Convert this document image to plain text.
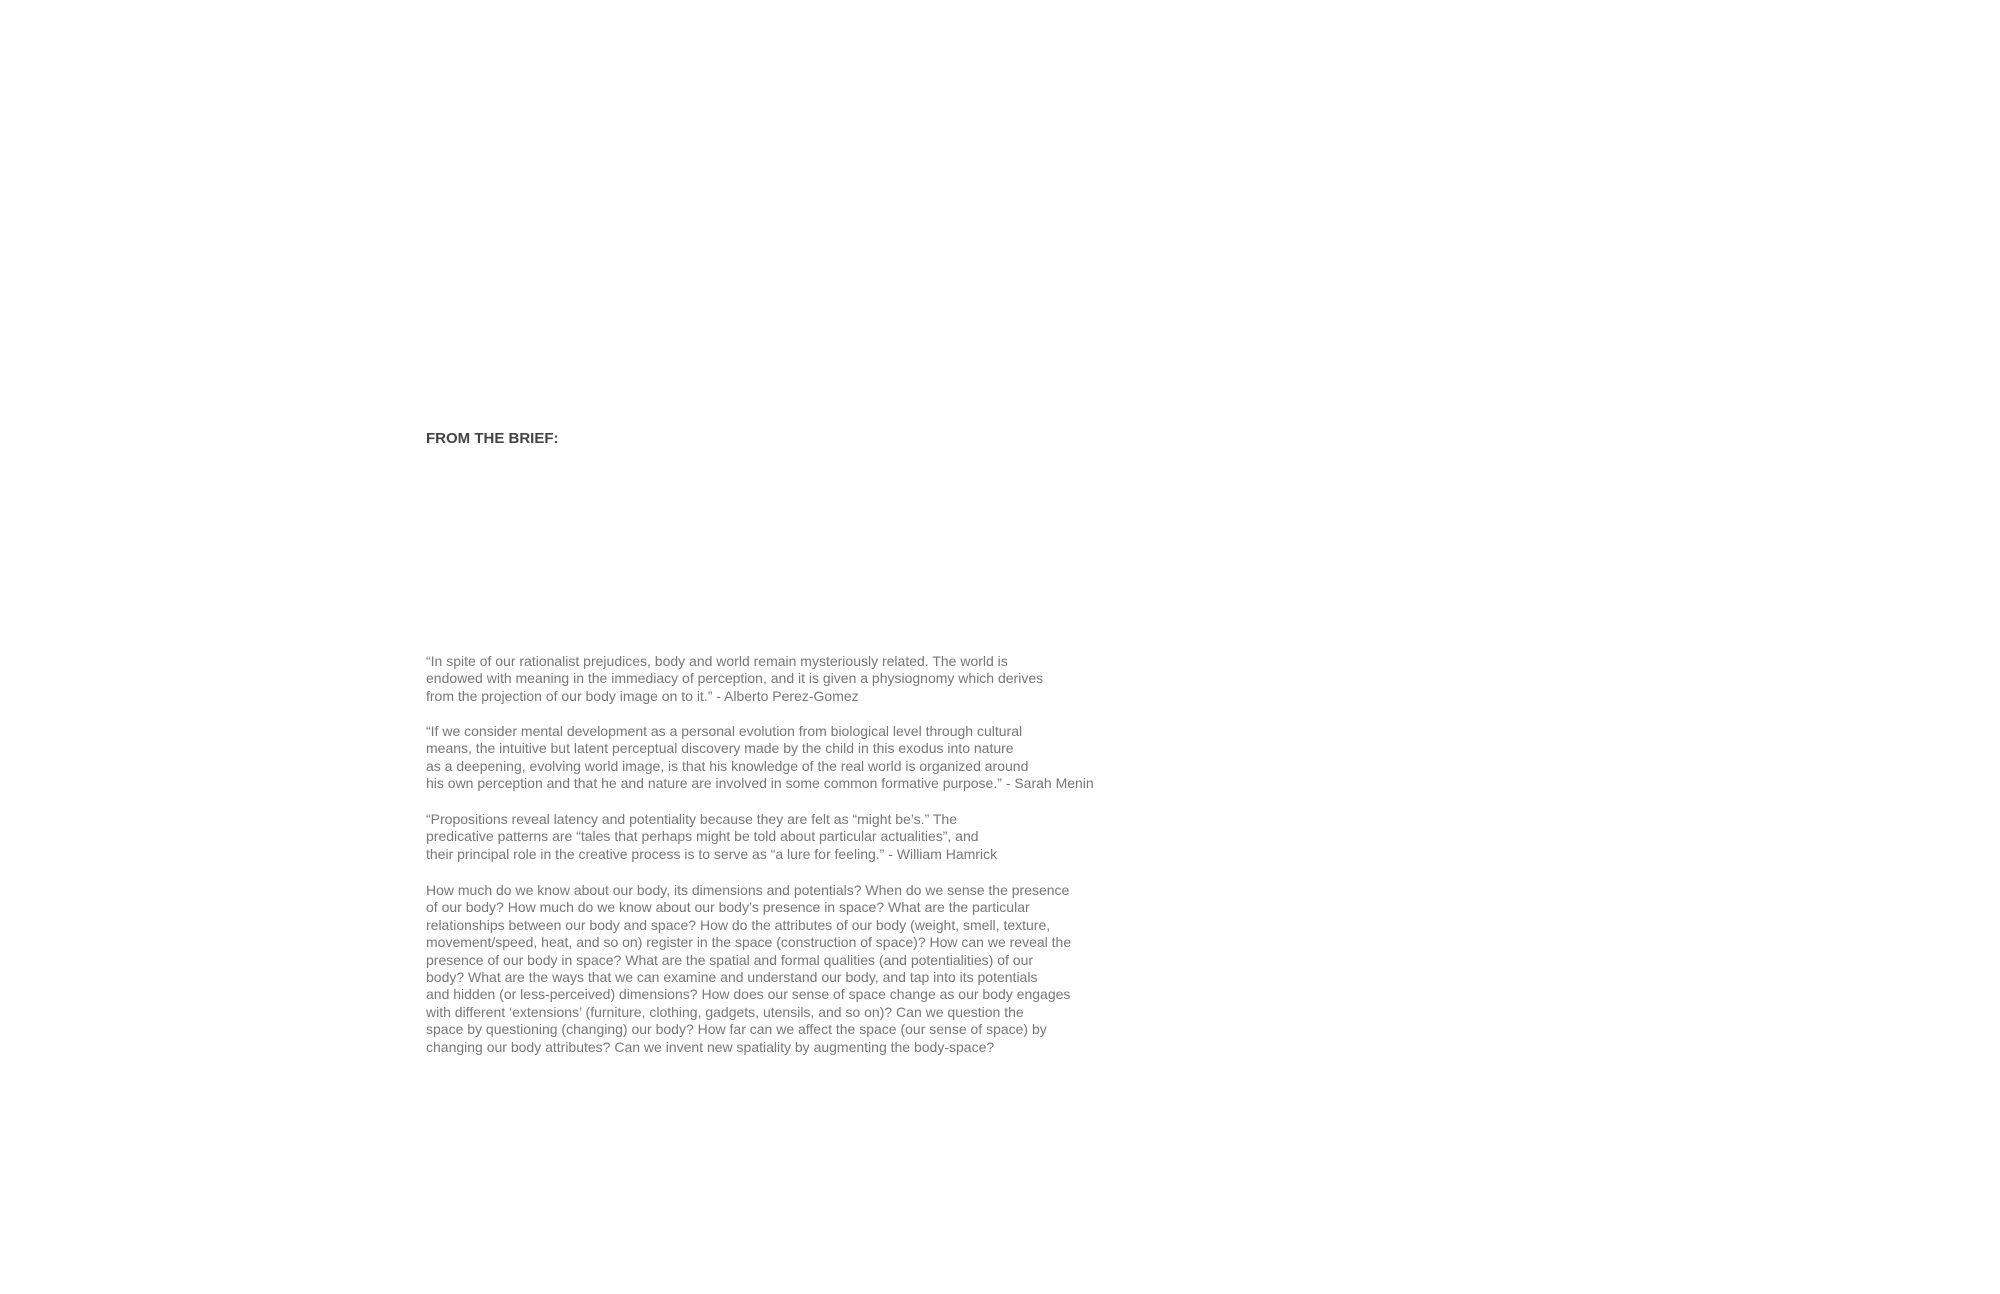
FROM THE BRIEF:

“In spite of our rationalist prejudices, body and world remain mysteriously related. The world is
endowed with meaning in the immediacy of perception, and it is given a physiognomy which derives
from the projection of our body image on to it.” - Alberto Perez-Gomez

“If we consider mental development as a personal evolution from biological level through cultural
means, the intuitive but latent perceptual discovery made by the child in this exodus into nature
as a deepening, evolving world image, is that his knowledge of the real world is organized around
his own perception and that he and nature are involved in some common formative purpose.” - Sarah Menin

“Propositions reveal latency and potentiality because they are felt as “might be’s.” The
predicative patterns are “tales that perhaps might be told about particular actualities”, and
their principal role in the creative process is to serve as “a lure for feeling.” - William Hamrick

How much do we know about our body, its dimensions and potentials? When do we sense the presence
of our body? How much do we know about our body’s presence in space? What are the particular
relationships between our body and space? How do the attributes of our body (weight, smell, texture,
movement/speed, heat, and so on) register in the space (construction of space)? How can we reveal the
presence of our body in space? What are the spatial and formal qualities (and potentialities) of our
body? What are the ways that we can examine and understand our body, and tap into its potentials
and hidden (or less-perceived) dimensions? How does our sense of space change as our body engages
with different ‘extensions’ (furniture, clothing, gadgets, utensils, and so on)? Can we question the
space by questioning (changing) our body? How far can we affect the space (our sense of space) by
changing our body attributes? Can we invent new spatiality by augmenting the body-space?
